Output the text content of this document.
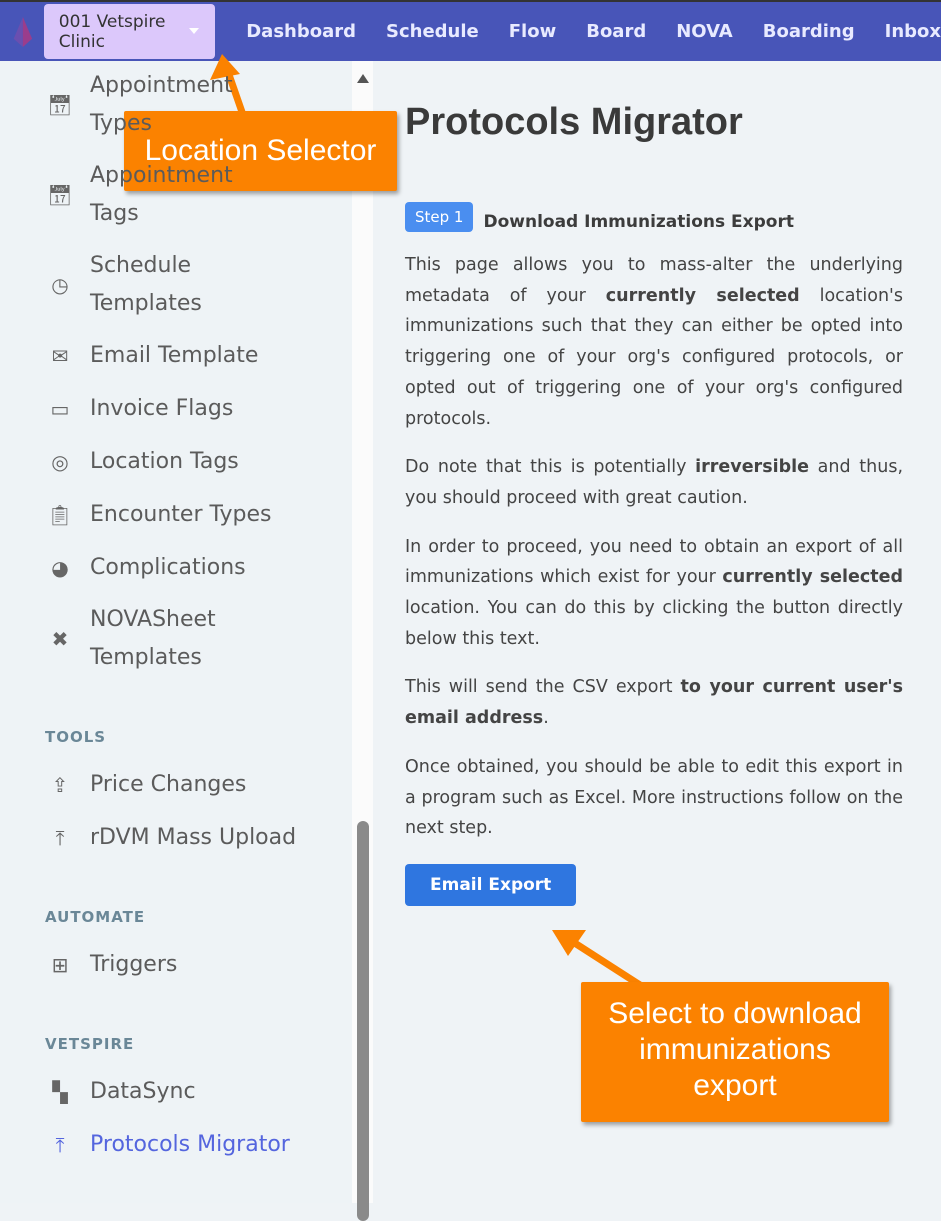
001 Vetspire Clinic	Dashboard Schedule Flow Board NOVA Boarding Inbox
📅︎
Appointment Types
📅︎
Appointment Tags
◷
Schedule Templates
✉ Email Template
▭ Invoice Flags
◎ Location Tags
📋︎ Encounter Types
◕ Complications
✖
NOVASheet Templates
TOOLS
⇪ Price Changes
⤒	rDVM Mass Upload
AUTOMATE
⊞ Triggers
VETSPIRE
▚ DataSync
⤒	Protocols Migrator
Protocols Migrator
Step 1	Download Immunizations Export

This page allows you to mass-alter the underlying metadata of your currently selected location's immunizations such that they can either be opted into triggering one of your org's configured protocols, or opted out of triggering one of your org's configured protocols.

Do note that this is potentially irreversible and thus, you should proceed with great caution.

In order to proceed, you need to obtain an export of all immunizations which exist for your currently selected location. You can do this by clicking the button directly below this text.

This will send the CSV export to your current user's email address.

Once obtained, you should be able to edit this export in a program such as Excel. More instructions follow on the next step.

Email Export
Location Selector
Select to download immunizations export
